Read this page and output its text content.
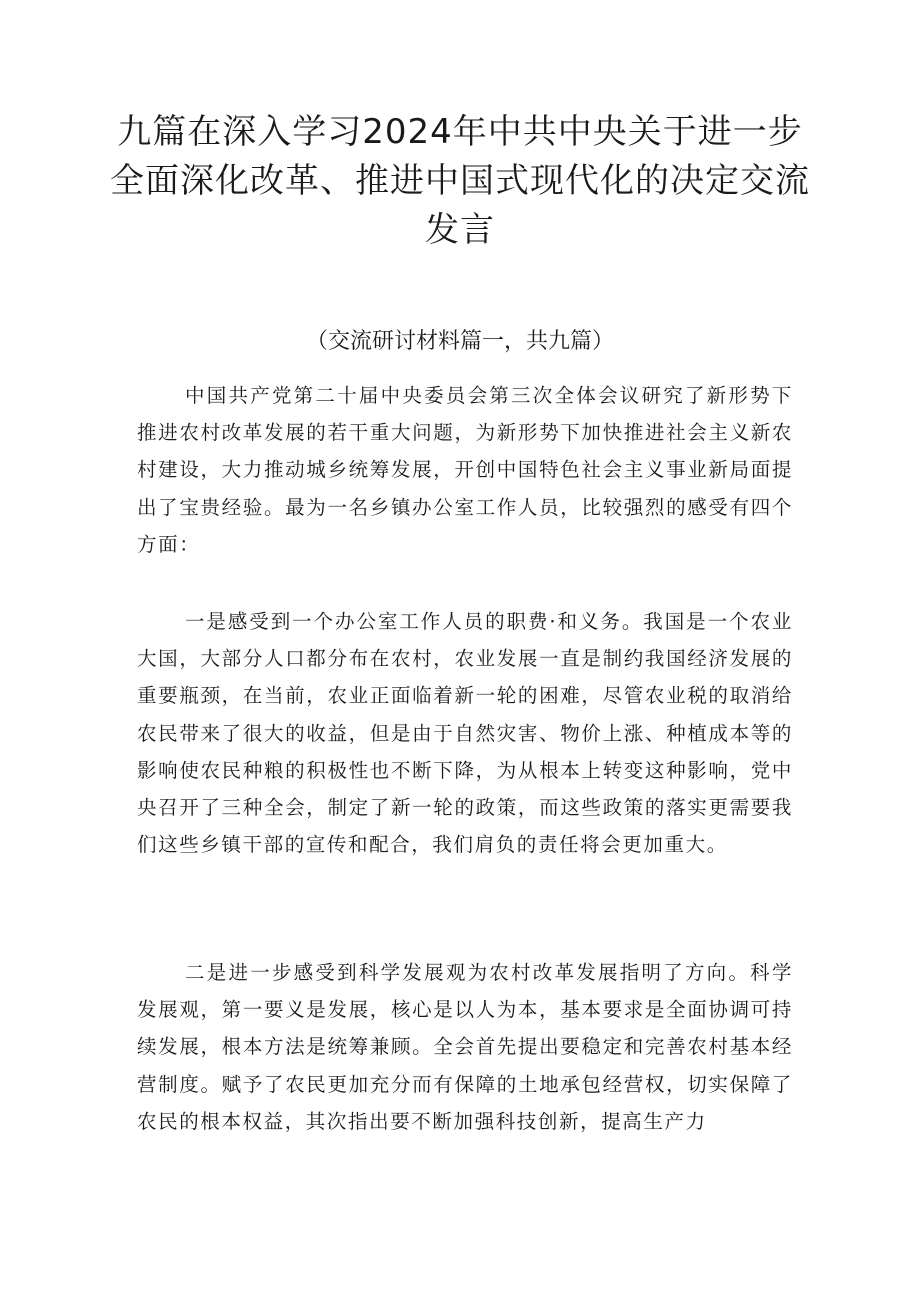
九篇在深入学习2024年中共中央关于进一步全面深化改革、推进中国式现代化的决定交流发言

（交流研讨材料篇一，共九篇）

中国共产党第二十届中央委员会第三次全体会议研究了新形势下推进农村改革发展的若干重大问题，为新形势下加快推进社会主义新农村建设，大力推动城乡统筹发展，开创中国特色社会主义事业新局面提出了宝贵经验。最为一名乡镇办公室工作人员，比较强烈的感受有四个方面：

一是感受到一个办公室工作人员的职费·和义务。我国是一个农业大国，大部分人口都分布在农村，农业发展一直是制约我国经济发展的重要瓶颈，在当前，农业正面临着新一轮的困难，尽管农业税的取消给农民带来了很大的收益，但是由于自然灾害、物价上涨、种植成本等的影响使农民种粮的积极性也不断下降，为从根本上转变这种影响，党中央召开了三种全会，制定了新一轮的政策，而这些政策的落实更需要我们这些乡镇干部的宣传和配合，我们肩负的责任将会更加重大。

二是进一步感受到科学发展观为农村改革发展指明了方向。科学发展观，第一要义是发展，核心是以人为本，基本要求是全面协调可持续发展，根本方法是统筹兼顾。全会首先提出要稳定和完善农村基本经营制度。赋予了农民更加充分而有保障的土地承包经营权，切实保障了农民的根本权益，其次指出要不断加强科技创新，提高生产力
